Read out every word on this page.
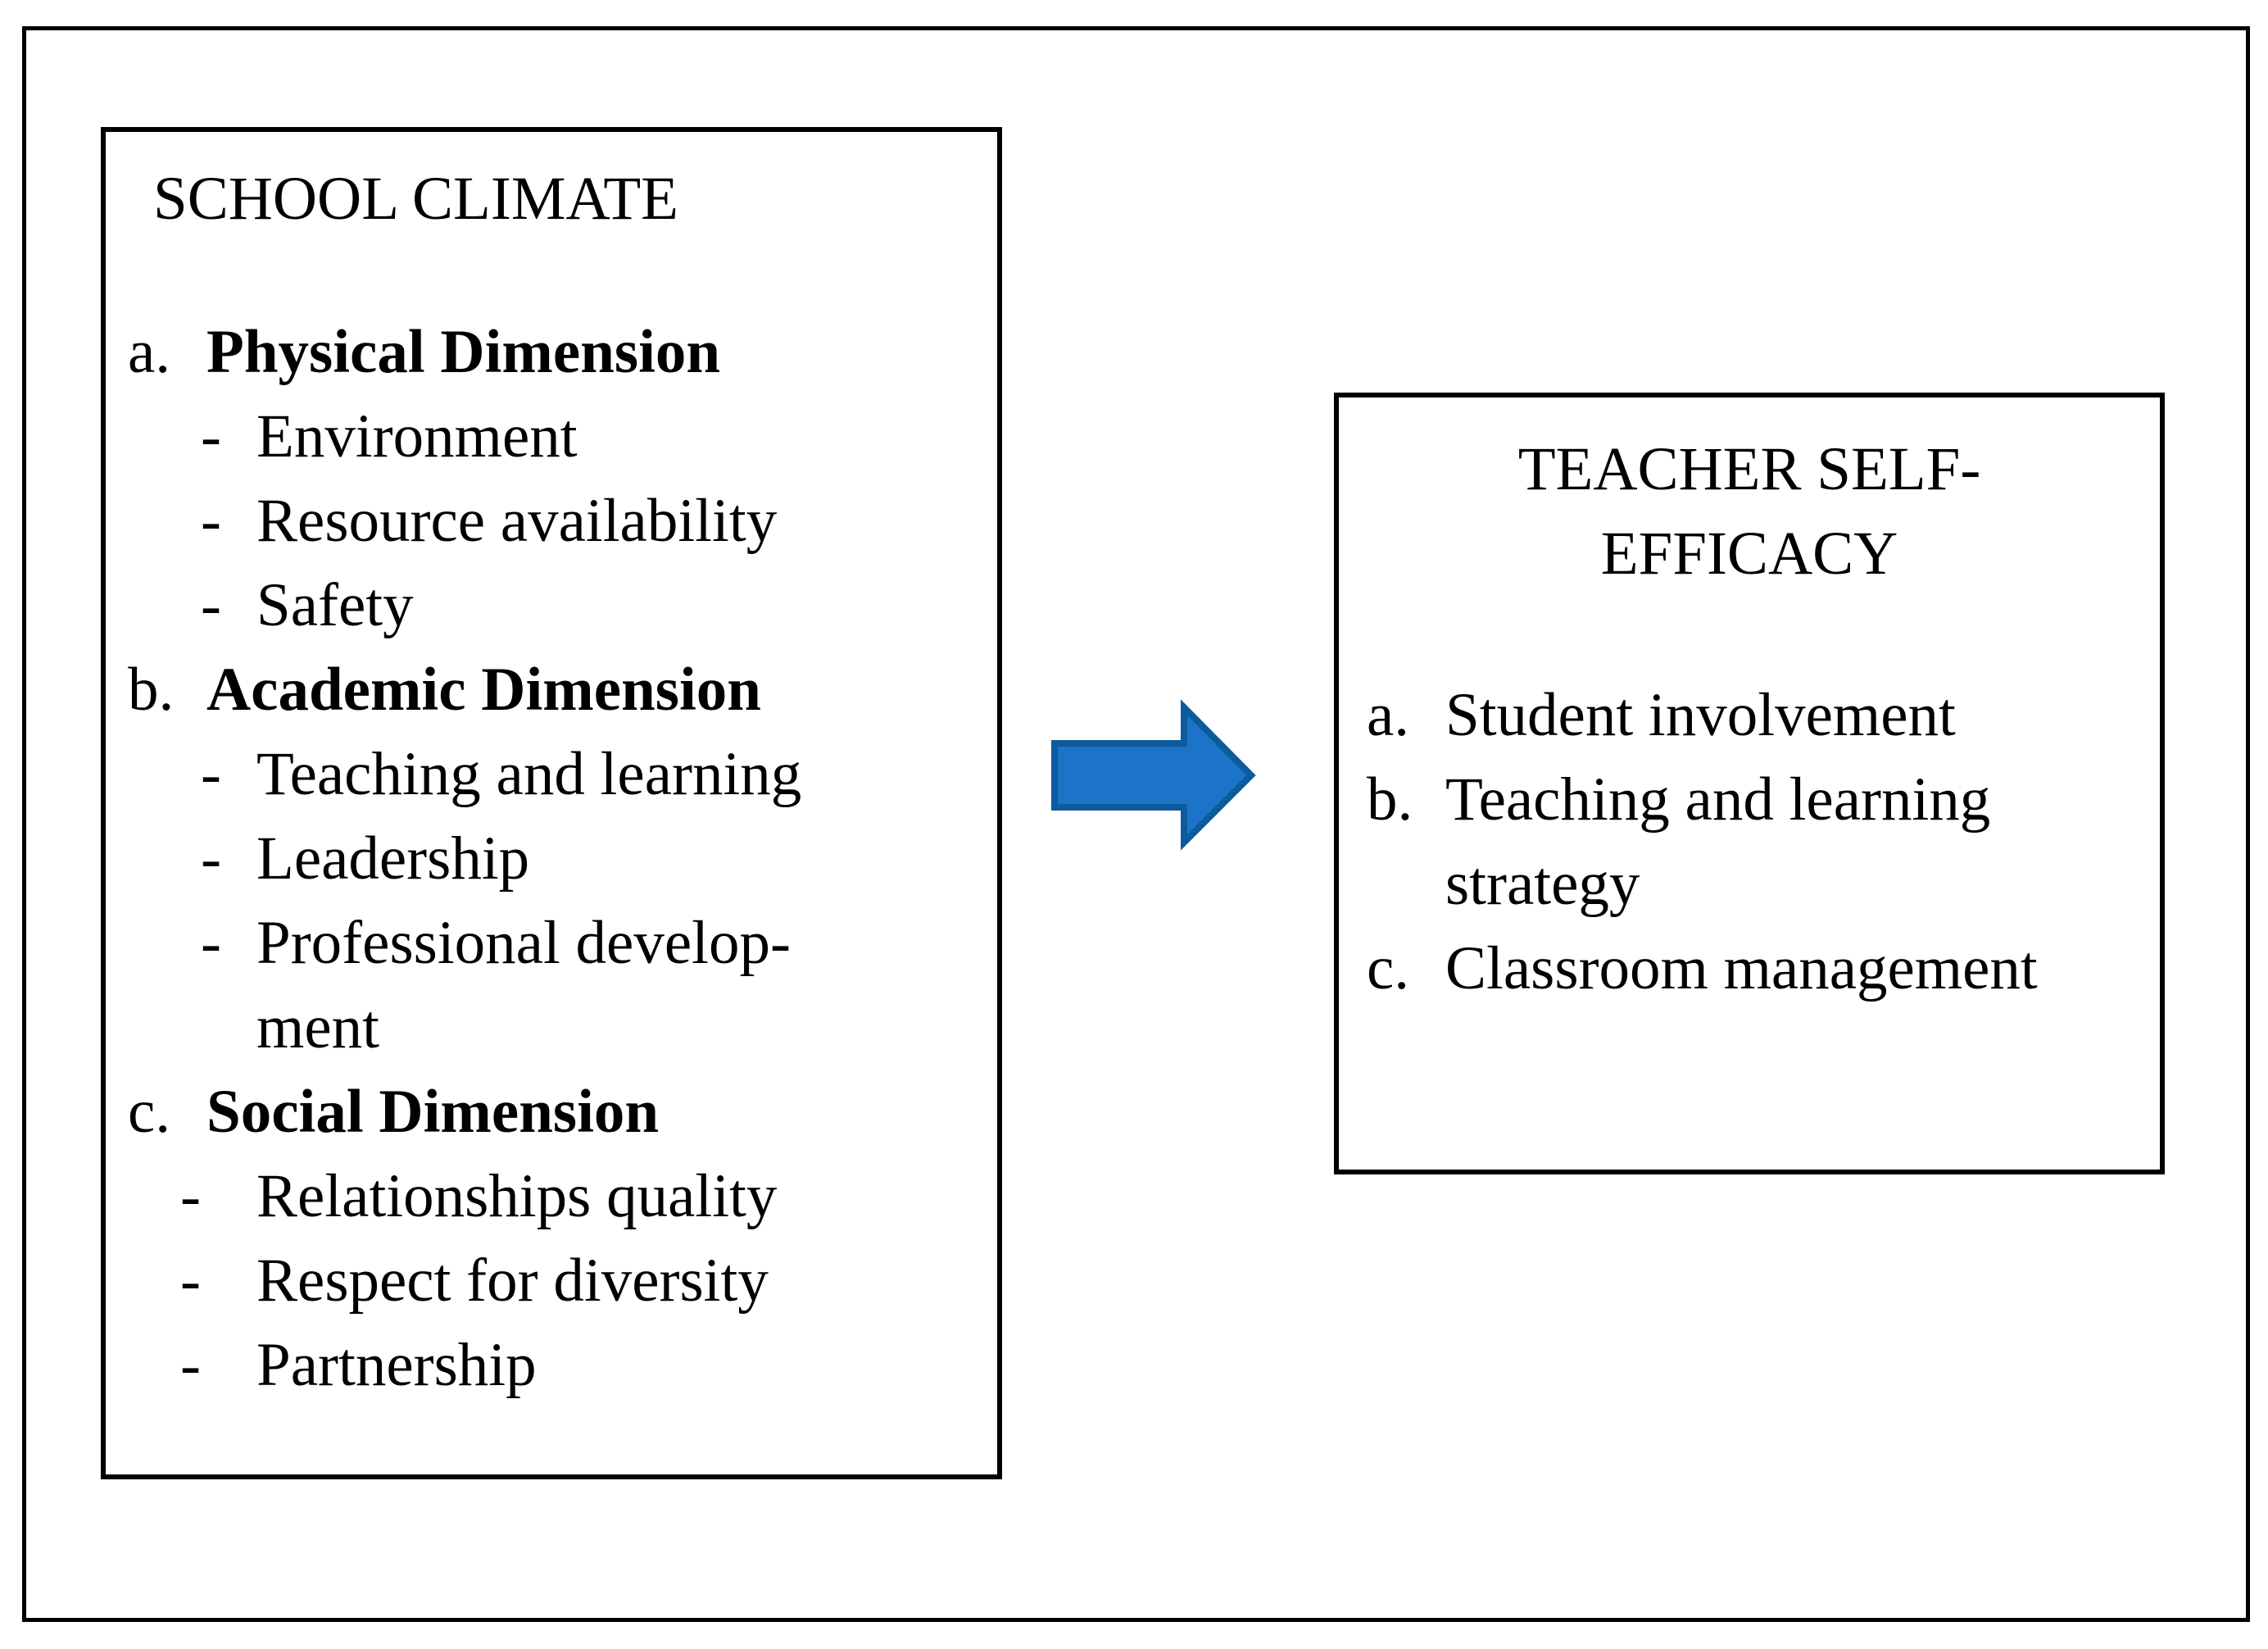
SCHOOL CLIMATE
a. Physical Dimension
- Environment
- Resource availability
- Safety
b. Academic Dimension
- Teaching and learning
- Leadership
- Professional develop-
ment
c. Social Dimension
- Relationships quality
- Respect for diversity
- Partnership
TEACHER SELF-
EFFICACY
a. Student involvement
b. Teaching and learning strategy
c. Classroom management
